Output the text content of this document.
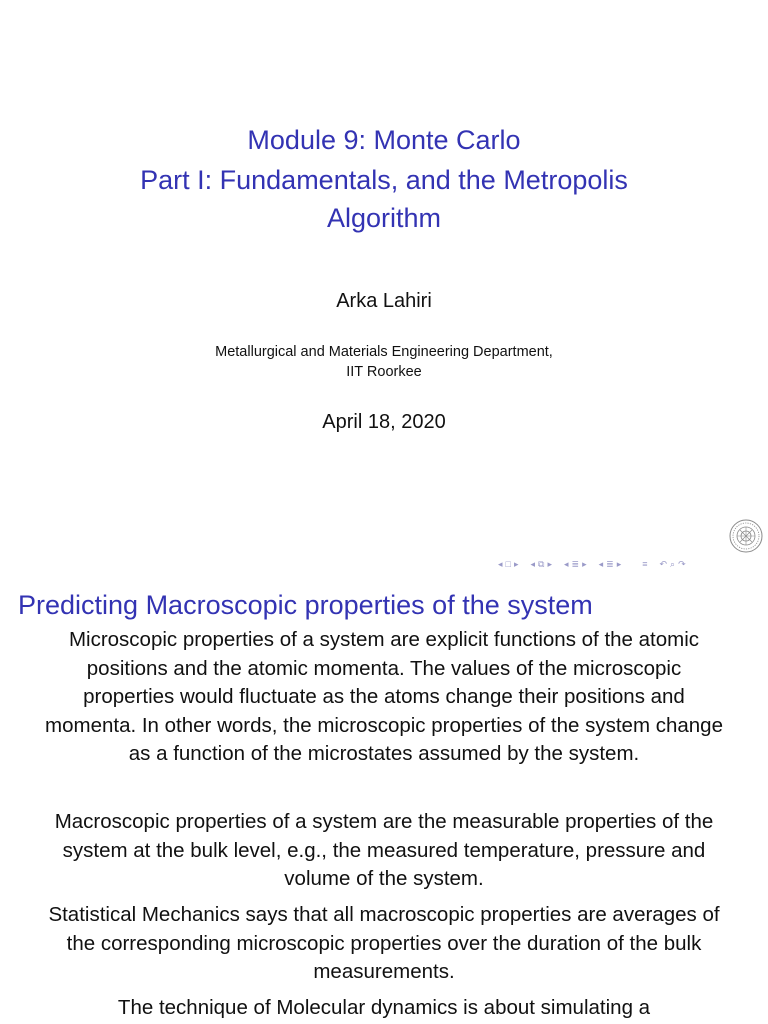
Module 9: Monte Carlo
Part I: Fundamentals, and the Metropolis
Algorithm
Arka Lahiri
Metallurgical and Materials Engineering Department,
IIT Roorkee
April 18, 2020
◂ □ ▸ ◂ ⧉ ▸ ◂ ≣ ▸ ◂ ≣ ▸ ≡ ↶ ⌕ ↷
Predicting Macroscopic properties of the system

Microscopic properties of a system are explicit functions of the atomic positions and the atomic momenta. The values of the microscopic properties would fluctuate as the atoms change their positions and momenta. In other words, the microscopic properties of the system change as a function of the microstates assumed by the system.

Macroscopic properties of a system are the measurable properties of the system at the bulk level, e.g., the measured temperature, pressure and volume of the system.

Statistical Mechanics says that all macroscopic properties are averages of the corresponding microscopic properties over the duration of the bulk measurements.

The technique of Molecular dynamics is about simulating a
